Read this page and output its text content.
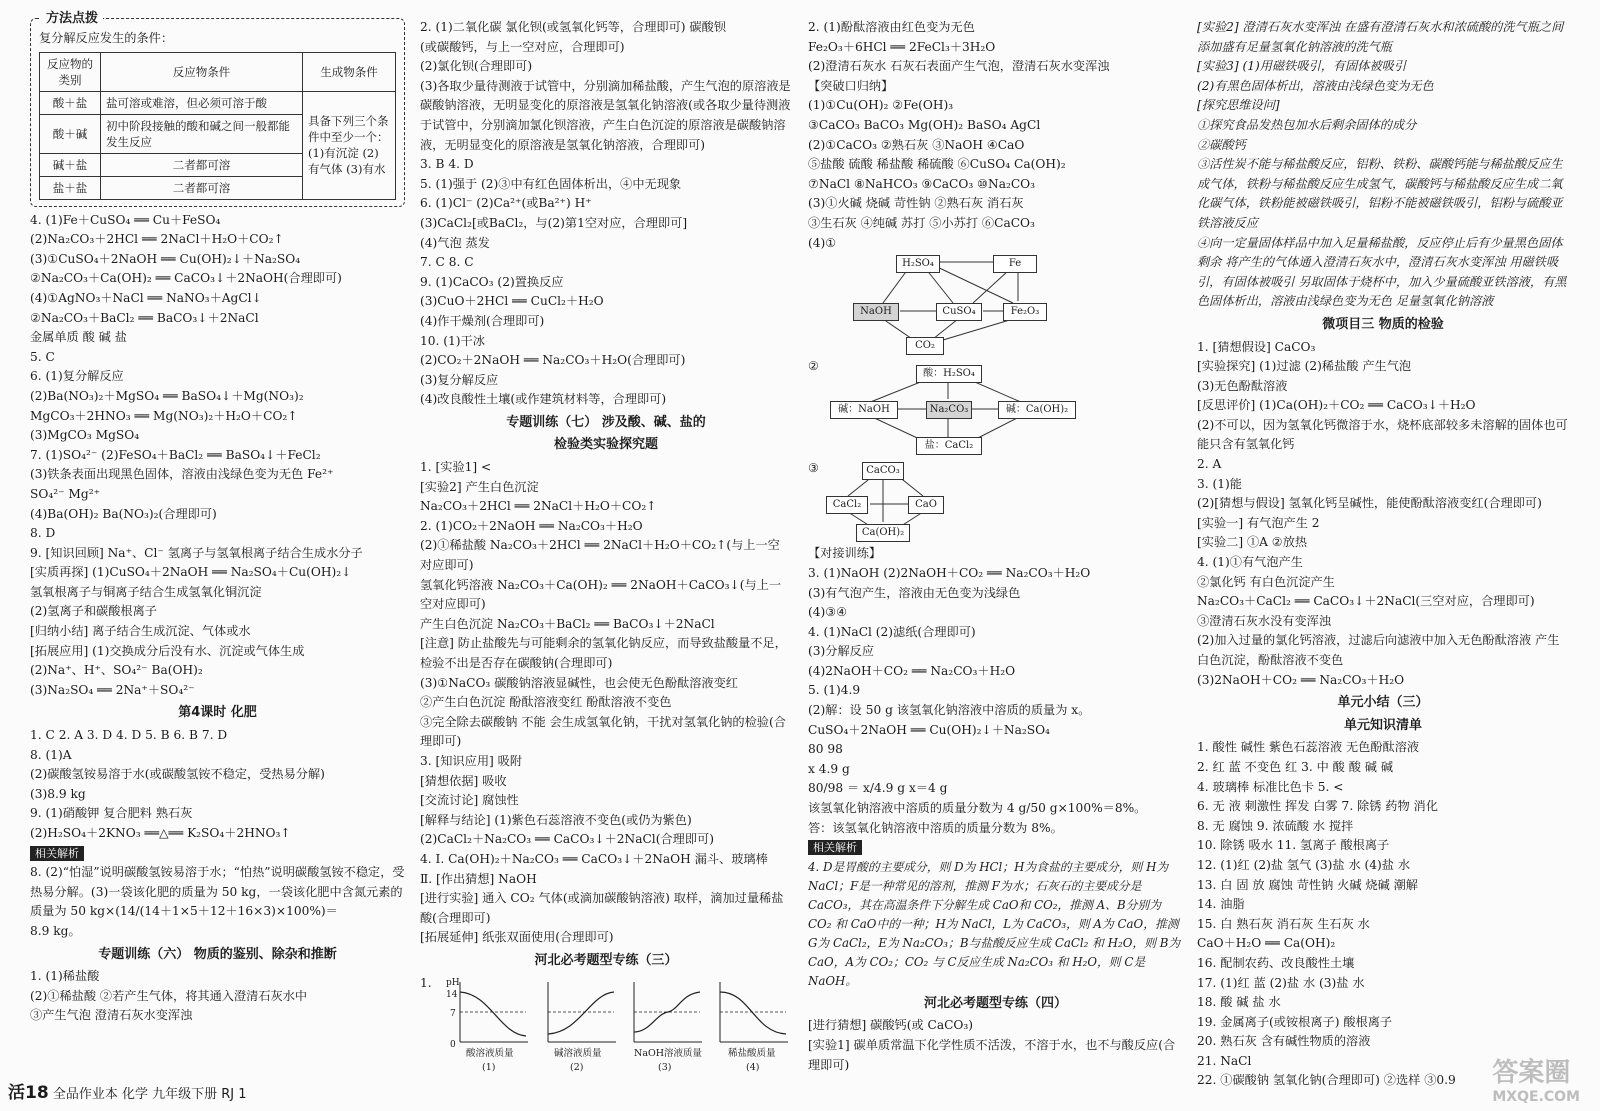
方法点拨
复分解反应发生的条件：
反应物的类别	反应物条件	生成物条件
酸＋盐	盐可溶或难溶，但必须可溶于酸	具备下列三个条件中至少一个：(1)有沉淀 (2)有气体 (3)有水
酸＋碱	初中阶段接触的酸和碱之间一般都能发生反应	
碱＋盐	二者都可溶	
盐＋盐	二者都可溶	
4. (1)Fe＋CuSO₄ ══ Cu＋FeSO₄
(2)Na₂CO₃＋2HCl ══ 2NaCl＋H₂O＋CO₂↑
(3)①CuSO₄＋2NaOH ══ Cu(OH)₂↓＋Na₂SO₄
②Na₂CO₃＋Ca(OH)₂ ══ CaCO₃↓＋2NaOH(合理即可)
(4)①AgNO₃＋NaCl ══ NaNO₃＋AgCl↓
②Na₂CO₃＋BaCl₂ ══ BaCO₃↓＋2NaCl
金属单质 酸 碱 盐
5. C
6. (1)复分解反应
(2)Ba(NO₃)₂＋MgSO₄ ══ BaSO₄↓＋Mg(NO₃)₂
MgCO₃＋2HNO₃ ══ Mg(NO₃)₂＋H₂O＋CO₂↑
(3)MgCO₃ MgSO₄
7. (1)SO₄²⁻ (2)FeSO₄＋BaCl₂ ══ BaSO₄↓＋FeCl₂
(3)铁条表面出现黑色固体，溶液由浅绿色变为无色 Fe²⁺
SO₄²⁻ Mg²⁺
(4)Ba(OH)₂ Ba(NO₃)₂(合理即可)
8. D
9. [知识回顾] Na⁺、Cl⁻ 氢离子与氢氧根离子结合生成水分子
[实质再探] (1)CuSO₄＋2NaOH ══ Na₂SO₄＋Cu(OH)₂↓
氢氧根离子与铜离子结合生成氢氧化铜沉淀
(2)氢离子和碳酸根离子
[归纳小结] 离子结合生成沉淀、气体或水
[拓展应用] (1)交换成分后没有水、沉淀或气体生成
(2)Na⁺、H⁺、SO₄²⁻ Ba(OH)₂
(3)Na₂SO₄ ══ 2Na⁺＋SO₄²⁻
第4课时 化肥
1. C 2. A 3. D 4. D 5. B 6. B 7. D
8. (1)A
(2)碳酸氢铵易溶于水(或碳酸氢铵不稳定，受热易分解)
(3)8.9 kg
9. (1)硝酸钾 复合肥料 熟石灰
(2)H₂SO₄＋2KNO₃ ══△══ K₂SO₄＋2HNO₃↑
相关解析
8. (2)“怕湿”说明碳酸氢铵易溶于水；“怕热”说明碳酸氢铵不稳定，受热易分解。(3)一袋该化肥的质量为 50 kg，一袋该化肥中含氮元素的质量为 50 kg×(14/(14＋1×5＋12＋16×3)×100%)＝
8.9 kg。
专题训练（六） 物质的鉴别、除杂和推断
1. (1)稀盐酸
(2)①稀盐酸 ②若产生气体，将其通入澄清石灰水中
③产生气泡 澄清石灰水变浑浊
2. (1)二氧化碳 氯化钡(或氢氧化钙等，合理即可) 碳酸钡
(或碳酸钙，与上一空对应，合理即可)
(2)氯化钡(合理即可)
(3)各取少量待测液于试管中，分别滴加稀盐酸，产生气泡的原溶液是碳酸钠溶液，无明显变化的原溶液是氢氧化钠溶液(或各取少量待测液于试管中，分别滴加氯化钡溶液，产生白色沉淀的原溶液是碳酸钠溶液，无明显变化的原溶液是氢氧化钠溶液，合理即可)
3. B 4. D
5. (1)强于 (2)③中有红色固体析出，④中无现象
6. (1)Cl⁻ (2)Ca²⁺(或Ba²⁺) H⁺
(3)CaCl₂[或BaCl₂，与(2)第1空对应，合理即可]
(4)气泡 蒸发
7. C 8. C
9. (1)CaCO₃ (2)置换反应
(3)CuO＋2HCl ══ CuCl₂＋H₂O
(4)作干燥剂(合理即可)
10. (1)干冰
(2)CO₂＋2NaOH ══ Na₂CO₃＋H₂O(合理即可)
(3)复分解反应
(4)改良酸性土壤(或作建筑材料等，合理即可)
专题训练（七） 涉及酸、碱、盐的
检验类实验探究题
1. [实验1] <
[实验2] 产生白色沉淀
Na₂CO₃＋2HCl ══ 2NaCl＋H₂O＋CO₂↑
2. (1)CO₂＋2NaOH ══ Na₂CO₃＋H₂O
(2)①稀盐酸 Na₂CO₃＋2HCl ══ 2NaCl＋H₂O＋CO₂↑(与上一空对应即可)
氢氧化钙溶液 Na₂CO₃＋Ca(OH)₂ ══ 2NaOH＋CaCO₃↓(与上一空对应即可)
产生白色沉淀 Na₂CO₃＋BaCl₂ ══ BaCO₃↓＋2NaCl
[注意] 防止盐酸先与可能剩余的氢氧化钠反应，而导致盐酸量不足，检验不出是否存在碳酸钠(合理即可)
(3)①NaCO₃ 碳酸钠溶液显碱性，也会使无色酚酞溶液变红
②产生白色沉淀 酚酞溶液变红 酚酞溶液不变色
③完全除去碳酸钠 不能 会生成氢氧化钠，干扰对氢氧化钠的检验(合理即可)
3. [知识应用] 吸附
[猜想依据] 吸收
[交流讨论] 腐蚀性
[解释与结论] (1)紫色石蕊溶液不变色(或仍为紫色)
(2)CaCl₂＋Na₂CO₃ ══ CaCO₃↓＋2NaCl(合理即可)
4. Ⅰ. Ca(OH)₂＋Na₂CO₃ ══ CaCO₃↓＋2NaOH 漏斗、玻璃棒
Ⅱ. [作出猜想] NaOH
[进行实验] 通入 CO₂ 气体(或滴加碳酸钠溶液) 取样，滴加过量稀盐酸(合理即可)
[拓展延伸] 纸张双面使用(合理即可)
河北必考题型专练（三）
1. pH
14
7
0
酸溶液质量
(1)
碱溶液质量
(2)
NaOH溶液质量
(3)
稀盐酸质量
(4)
2. (1)酚酞溶液由红色变为无色
Fe₂O₃＋6HCl ══ 2FeCl₃＋3H₂O
(2)澄清石灰水 石灰石表面产生气泡，澄清石灰水变浑浊
【突破口归纳】
(1)①Cu(OH)₂ ②Fe(OH)₃
③CaCO₃ BaCO₃ Mg(OH)₂ BaSO₄ AgCl
(2)①CaCO₃ ②熟石灰 ③NaOH ④CaO
⑤盐酸 硫酸 稀盐酸 稀硫酸 ⑥CuSO₄ Ca(OH)₂
⑦NaCl ⑧NaHCO₃ ⑨CaCO₃ ⑩Na₂CO₃
(3)①火碱 烧碱 苛性钠 ②熟石灰 消石灰
③生石灰 ④纯碱 苏打 ⑤小苏打 ⑥CaCO₃
(4)①
H₂SO₄	Fe
NaOH	CuSO₄	Fe₂O₃
CO₂
②
酸：H₂SO₄
碱：NaOH	Na₂CO₃	碱：Ca(OH)₂
盐：CaCl₂
③	CaCO₃
CaCl₂	CaO
Ca(OH)₂
【对接训练】
3. (1)NaOH (2)2NaOH＋CO₂ ══ Na₂CO₃＋H₂O
(3)有气泡产生，溶液由无色变为浅绿色
(4)③④
4. (1)NaCl (2)滤纸(合理即可)
(3)分解反应
(4)2NaOH＋CO₂ ══ Na₂CO₃＋H₂O
5. (1)4.9
(2)解：设 50 g 该氢氧化钠溶液中溶质的质量为 x。
CuSO₄＋2NaOH ══ Cu(OH)₂↓＋Na₂SO₄
80 98
x 4.9 g
80/98 ＝ x/4.9 g x＝4 g
该氢氧化钠溶液中溶质的质量分数为 4 g/50 g×100%＝8%。
答：该氢氧化钠溶液中溶质的质量分数为 8%。
相关解析
4. D是胃酸的主要成分，则 D为 HCl；H为食盐的主要成分，则 H为 NaCl；F是一种常见的溶剂，推测 F为水；石灰石的主要成分是 CaCO₃，其在高温条件下分解生成 CaO和 CO₂，推测 A、B分别为 CO₂ 和 CaO中的一种；H为 NaCl，L为 CaCO₃，则 A为 CaO，推测 G为 CaCl₂，E为 Na₂CO₃；B与盐酸反应生成 CaCl₂ 和 H₂O，则 B为 CaO，A为 CO₂；CO₂ 与 C反应生成 Na₂CO₃ 和 H₂O，则 C是 NaOH。
河北必考题型专练（四）
[进行猜想] 碳酸钙(或 CaCO₃)
[实验1] 碳单质常温下化学性质不活泼，不溶于水，也不与酸反应(合理即可)
[实验2] 澄清石灰水变浑浊 在盛有澄清石灰水和浓硫酸的洗气瓶之间添加盛有足量氢氧化钠溶液的洗气瓶
[实验3] (1)用磁铁吸引，有固体被吸引
(2)有黑色固体析出，溶液由浅绿色变为无色
[探究思维设问]
①探究食品发热包加水后剩余固体的成分
②碳酸钙
③活性炭不能与稀盐酸反应，铝粉、铁粉、碳酸钙能与稀盐酸反应生成气体，铁粉与稀盐酸反应生成氢气，碳酸钙与稀盐酸反应生成二氧化碳气体，铁粉能被磁铁吸引，铝粉不能被磁铁吸引，铝粉与硫酸亚铁溶液反应
④向一定量固体样品中加入足量稀盐酸，反应停止后有少量黑色固体剩余 将产生的气体通入澄清石灰水中，澄清石灰水变浑浊 用磁铁吸引，有固体被吸引 另取固体于烧杯中，加入少量硫酸亚铁溶液，有黑色固体析出，溶液由浅绿色变为无色 足量氢氧化钠溶液
微项目三 物质的检验
1. [猜想假设] CaCO₃
[实验探究] (1)过滤 (2)稀盐酸 产生气泡
(3)无色酚酞溶液
[反思评价] (1)Ca(OH)₂＋CO₂ ══ CaCO₃↓＋H₂O
(2)不可以，因为氢氧化钙微溶于水，烧杯底部较多未溶解的固体也可能只含有氢氧化钙
2. A
3. (1)能
(2)[猜想与假设] 氢氧化钙呈碱性，能使酚酞溶液变红(合理即可)
[实验一] 有气泡产生 2
[实验二] ①A ②放热
4. (1)①有气泡产生
②氯化钙 有白色沉淀产生
Na₂CO₃＋CaCl₂ ══ CaCO₃↓＋2NaCl(三空对应，合理即可)
③澄清石灰水没有变浑浊
(2)加入过量的氯化钙溶液，过滤后向滤液中加入无色酚酞溶液 产生白色沉淀，酚酞溶液不变色
(3)2NaOH＋CO₂ ══ Na₂CO₃＋H₂O
单元小结（三）
单元知识清单
1. 酸性 碱性 紫色石蕊溶液 无色酚酞溶液
2. 红 蓝 不变色 红 3. 中 酸 酸 碱 碱
4. 玻璃棒 标准比色卡 5. <
6. 无 液 刺激性 挥发 白雾 7. 除锈 药物 消化
8. 无 腐蚀 9. 浓硫酸 水 搅拌
10. 除锈 吸水 11. 氢离子 酸根离子
12. (1)红 (2)盐 氢气 (3)盐 水 (4)盐 水
13. 白 固 放 腐蚀 苛性钠 火碱 烧碱 潮解
14. 油脂
15. 白 熟石灰 消石灰 生石灰 水
CaO＋H₂O ══ Ca(OH)₂
16. 配制农药、改良酸性土壤
17. (1)红 蓝 (2)盐 水 (3)盐 水
18. 酸 碱 盐 水
19. 金属离子(或铵根离子) 酸根离子
20. 熟石灰 含有碱性物质的溶液
21. NaCl
22. ①碳酸钠 氢氧化钠(合理即可) ②选样 ③0.9
活18 全品作业本 化学 九年级下册 RJ 1
答案圈
MXQE.COM
